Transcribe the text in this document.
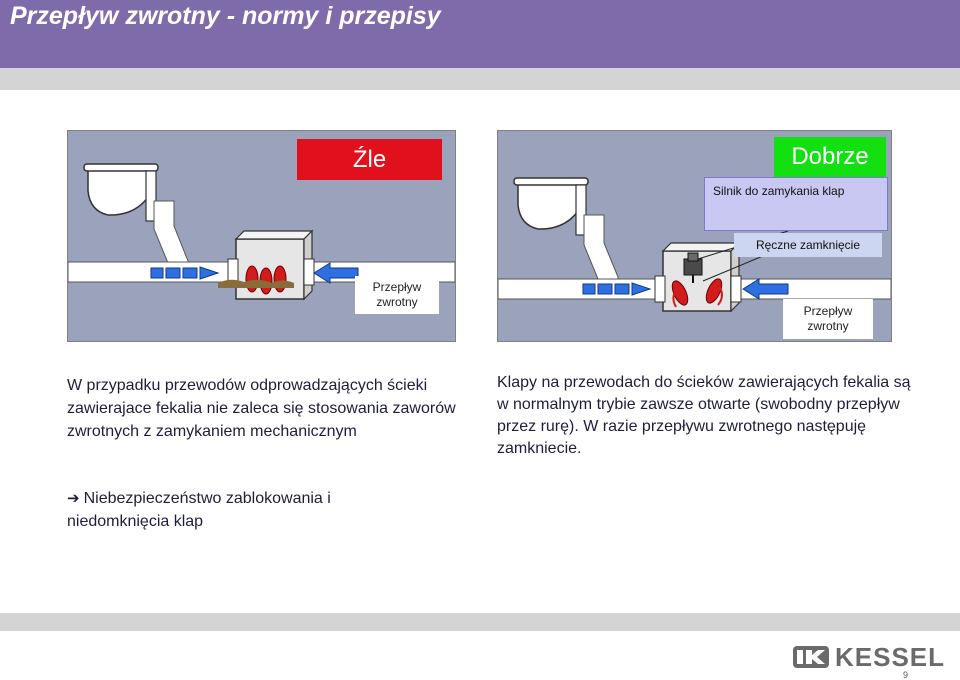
Przepływ zwrotny - normy i przepisy
Źle
Przepływ
zwrotny
Dobrze
Silnik do zamykania klap
Ręczne zamknięcie
Przepływ
zwrotny
W przypadku przewodów odprowadzających ścieki zawierajace fekalia nie zaleca się stosowania zaworów zwrotnych z zamykaniem mechanicznym
Klapy na przewodach do ścieków zawierających fekalia są w normalnym trybie zawsze otwarte (swobodny przepływ przez rurę). W razie przepływu zwrotnego następuję zamkniecie.
➔ Niebezpieczeństwo zablokowania i niedomknięcia klap
KESSEL
9
